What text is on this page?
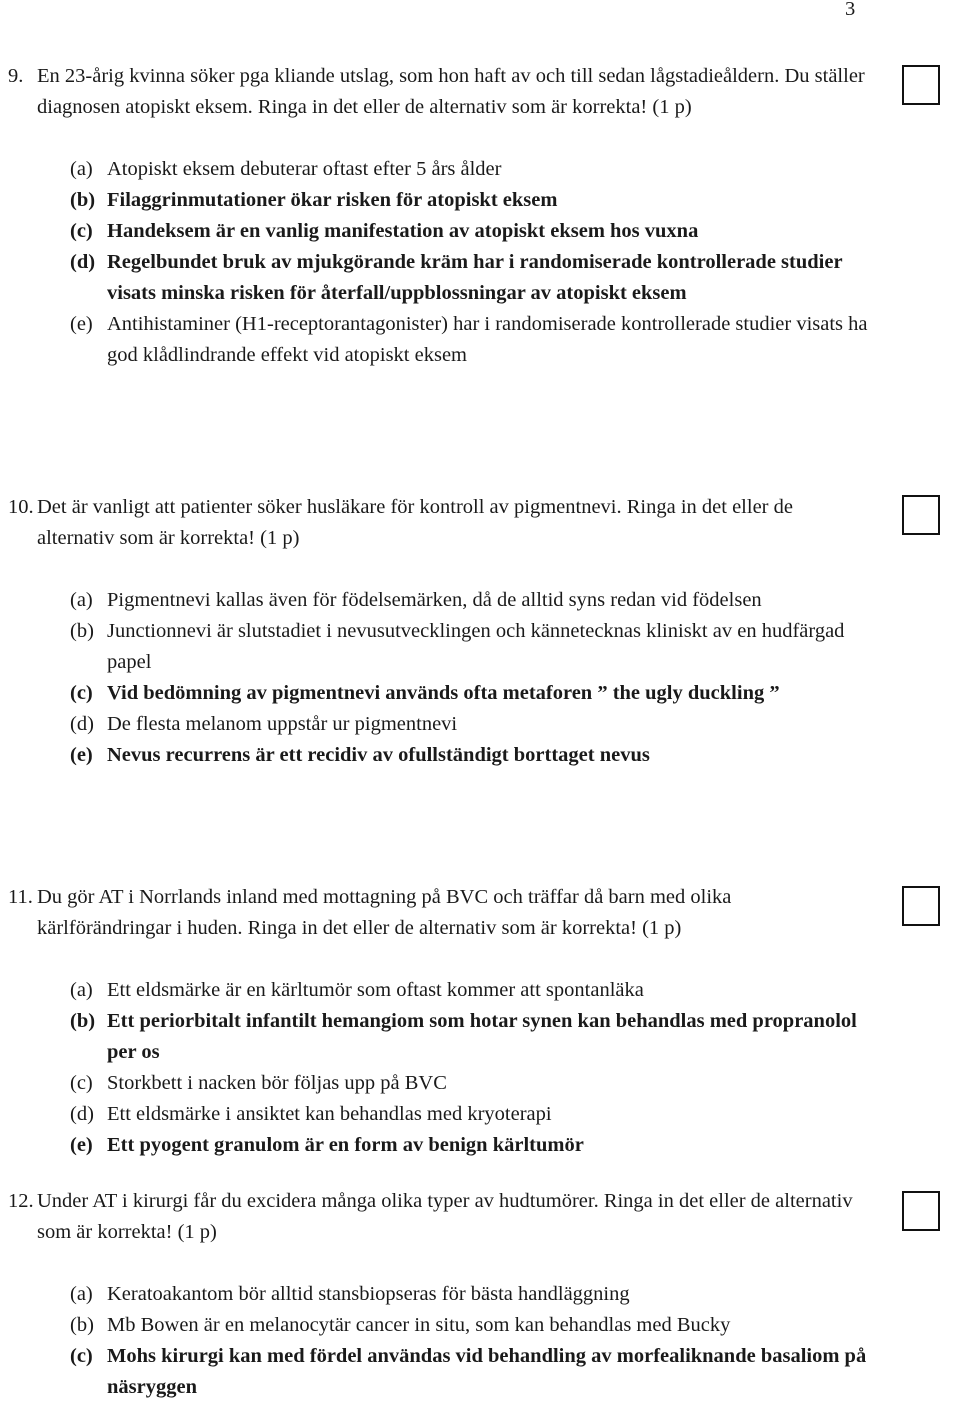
3
9. En 23-årig kvinna söker pga kliande utslag, som hon haft av och till sedan lågstadieåldern. Du ställer diagnosen atopiskt eksem. Ringa in det eller de alternativ som är korrekta! (1 p)
(a) Atopiskt eksem debuterar oftast efter 5 års ålder
(b) Filaggrinmutationer ökar risken för atopiskt eksem
(c) Handeksem är en vanlig manifestation av atopiskt eksem hos vuxna
(d) Regelbundet bruk av mjukgörande kräm har i randomiserade kontrollerade studier visats minska risken för återfall/uppblossningar av atopiskt eksem
(e) Antihistaminer (H1-receptorantagonister) har i randomiserade kontrollerade studier visats ha god klådlindrande effekt vid atopiskt eksem
10. Det är vanligt att patienter söker husläkare för kontroll av pigmentnevi. Ringa in det eller de alternativ som är korrekta! (1 p)
(a) Pigmentnevi kallas även för födelsemärken, då de alltid syns redan vid födelsen
(b) Junctionnevi är slutstadiet i nevusutvecklingen och kännetecknas kliniskt av en hudfärgad papel
(c) Vid bedömning av pigmentnevi används ofta metaforen ” the ugly duckling ”
(d) De flesta melanom uppstår ur pigmentnevi
(e) Nevus recurrens är ett recidiv av ofullständigt borttaget nevus
11. Du gör AT i Norrlands inland med mottagning på BVC och träffar då barn med olika kärlförändringar i huden. Ringa in det eller de alternativ som är korrekta! (1 p)
(a) Ett eldsmärke är en kärltumör som oftast kommer att spontanläka
(b) Ett periorbitalt infantilt hemangiom som hotar synen kan behandlas med propranolol per os
(c) Storkbett i nacken bör följas upp på BVC
(d) Ett eldsmärke i ansiktet kan behandlas med kryoterapi
(e) Ett pyogent granulom är en form av benign kärltumör
12. Under AT i kirurgi får du excidera många olika typer av hudtumörer. Ringa in det eller de alternativ som är korrekta! (1 p)
(a) Keratoakantom bör alltid stansbiopseras för bästa handläggning
(b) Mb Bowen är en melanocytär cancer in situ, som kan behandlas med Bucky
(c) Mohs kirurgi kan med fördel användas vid behandling av morfealiknande basaliom på näsryggen
